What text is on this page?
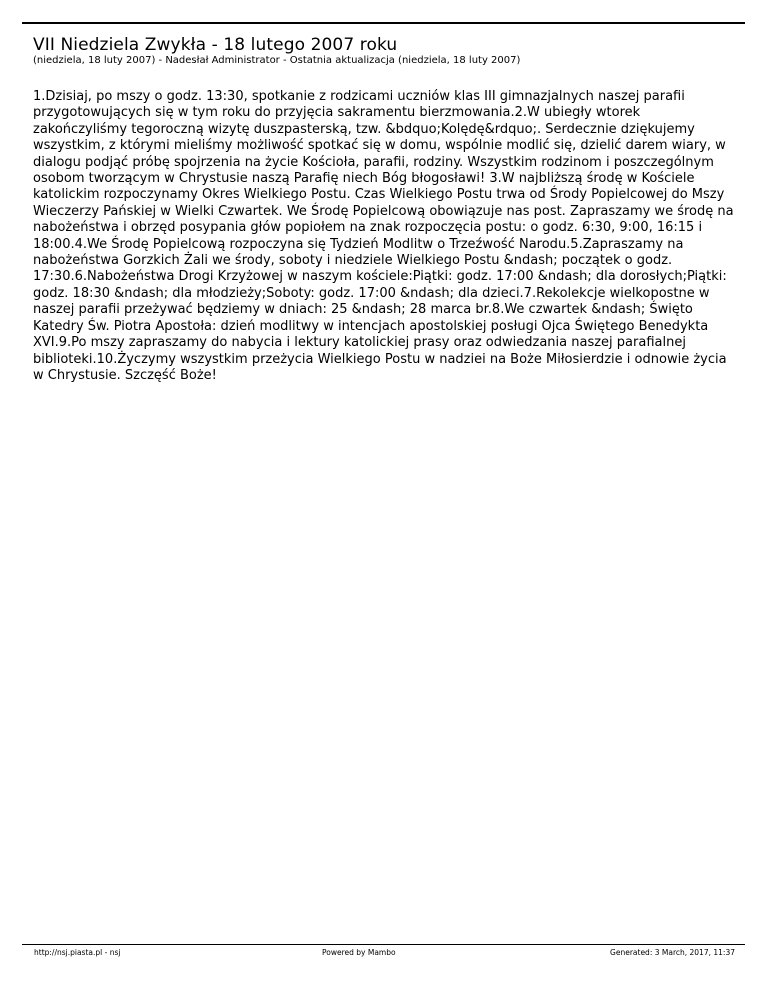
VII Niedziela Zwykła - 18 lutego 2007 roku
(niedziela, 18 luty 2007) - Nadesłał Administrator - Ostatnia aktualizacja (niedziela, 18 luty 2007)

1.Dzisiaj, po mszy o godz. 13:30, spotkanie z rodzicami uczniów klas III gimnazjalnych naszej parafii przygotowujących się w tym roku do przyjęcia sakramentu bierzmowania.2.W ubiegły wtorek zakończyliśmy tegoroczną wizytę duszpasterską, tzw. &bdquo;Kolędę&rdquo;. Serdecznie dziękujemy wszystkim, z którymi mieliśmy możliwość spotkać się w domu, wspólnie modlić się, dzielić darem wiary, w dialogu podjąć próbę spojrzenia na życie Kościoła, parafii, rodziny. Wszystkim rodzinom i poszczególnym osobom tworzącym w Chrystusie naszą Parafię niech Bóg błogosławi! 3.W najbliższą środę w Kościele katolickim rozpoczynamy Okres Wielkiego Postu. Czas Wielkiego Postu trwa od Środy Popielcowej do Mszy Wieczerzy Pańskiej w Wielki Czwartek. We Środę Popielcową obowiązuje nas post. Zapraszamy we środę na nabożeństwa i obrzęd posypania głów popiołem na znak rozpoczęcia postu: o godz. 6:30, 9:00, 16:15 i 18:00.4.We Środę Popielcową rozpoczyna się Tydzień Modlitw o Trzeźwość Narodu.5.Zapraszamy na nabożeństwa Gorzkich Żali we środy, soboty i niedziele Wielkiego Postu &ndash; początek o godz. 17:30.6.Nabożeństwa Drogi Krzyżowej w naszym kościele:Piątki: godz. 17:00 &ndash; dla dorosłych;Piątki: godz. 18:30 &ndash; dla młodzieży;Soboty: godz. 17:00 &ndash; dla dzieci.7.Rekolekcje wielkopostne w naszej parafii przeżywać będziemy w dniach: 25 &ndash; 28 marca br.8.We czwartek &ndash; Święto Katedry Św. Piotra Apostoła: dzień modlitwy w intencjach apostolskiej posługi Ojca Świętego Benedykta XVI.9.Po mszy zapraszamy do nabycia i lektury katolickiej prasy oraz odwiedzania naszej parafialnej biblioteki.10.Życzymy wszystkim przeżycia Wielkiego Postu w nadziei na Boże Miłosierdzie i odnowie życia w Chrystusie. Szczęść Boże!

http://nsj.piasta.pl - nsj	Powered by Mambo	Generated: 3 March, 2017, 11:37
